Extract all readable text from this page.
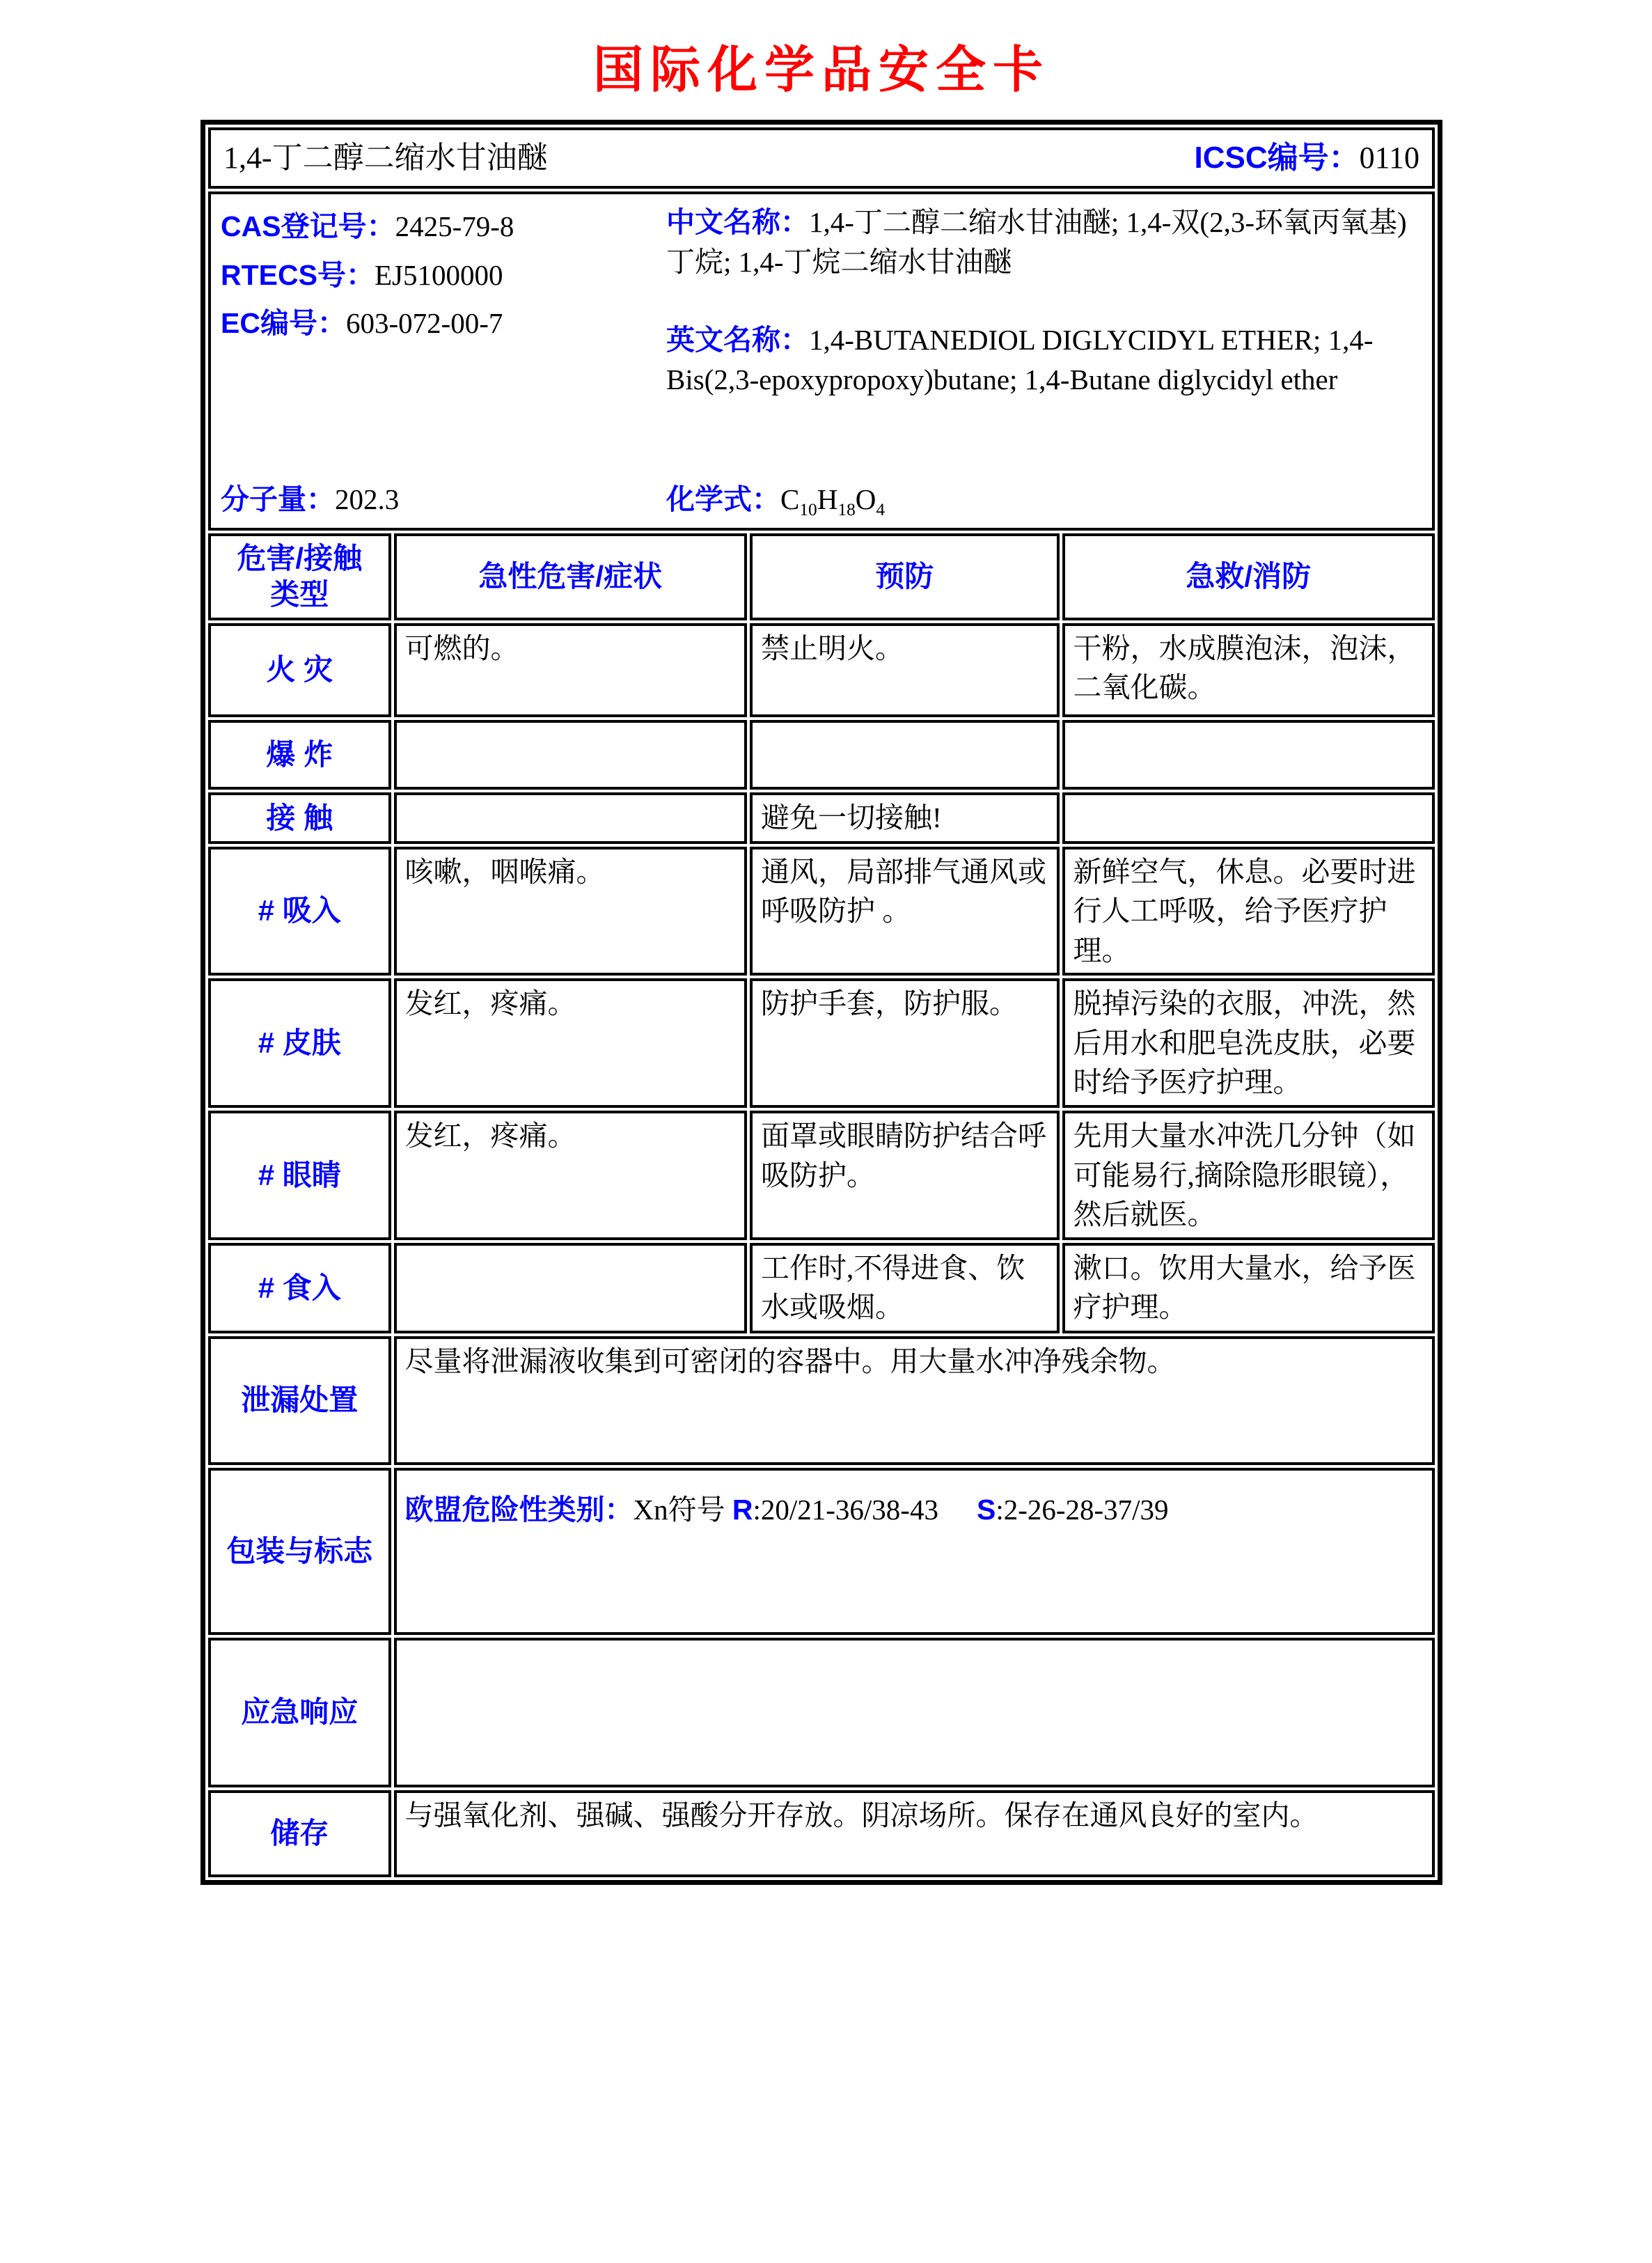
国际化学品安全卡
1,4-丁二醇二缩水甘油醚 ICSC编号：0110			

CAS登记号：2425-79-8
RTECS号：EJ5100000
EC编号：603-072-00-7

中文名称：1,4-丁二醇二缩水甘油醚; 1,4-双(2,3-环氧丙氧基)丁烷; 1,4-丁烷二缩水甘油醚

英文名称：1,4-BUTANEDIOL DIGLYCIDYL ETHER; 1,4-Bis(2,3-epoxypropoxy)butane; 1,4-Butane diglycidyl ether

分子量：202.3	化学式：$C_{10}H_{18}O_4$

危害/接触
类型	急性危害/症状	预防	急救/消防
火 灾	可燃的。	禁止明火。	干粉，水成膜泡沫，泡沫，二氧化碳。
爆 炸			
接 触		避免一切接触!	
# 吸入	咳嗽，咽喉痛。	通风，局部排气通风或呼吸防护 。	新鲜空气，休息。必要时进行人工呼吸，给予医疗护理。
# 皮肤	发红，疼痛。	防护手套，防护服。	脱掉污染的衣服，冲洗，然后用水和肥皂洗皮肤，必要时给予医疗护理。
# 眼睛	发红，疼痛。	面罩或眼睛防护结合呼吸防护。	先用大量水冲洗几分钟（如可能易行,摘除隐形眼镜），然后就医。
# 食入		工作时,不得进食、饮水或吸烟。	漱口。饮用大量水，给予医疗护理。
泄漏处置	尽量将泄漏液收集到可密闭的容器中。用大量水冲净残余物。		
包装与标志	欧盟危险性类别：Xn符号 R:20/21-36/38-43 S:2-26-28-37/39		
应急响应			
储存	与强氧化剂、强碱、强酸分开存放。阴凉场所。保存在通风良好的室内。		
